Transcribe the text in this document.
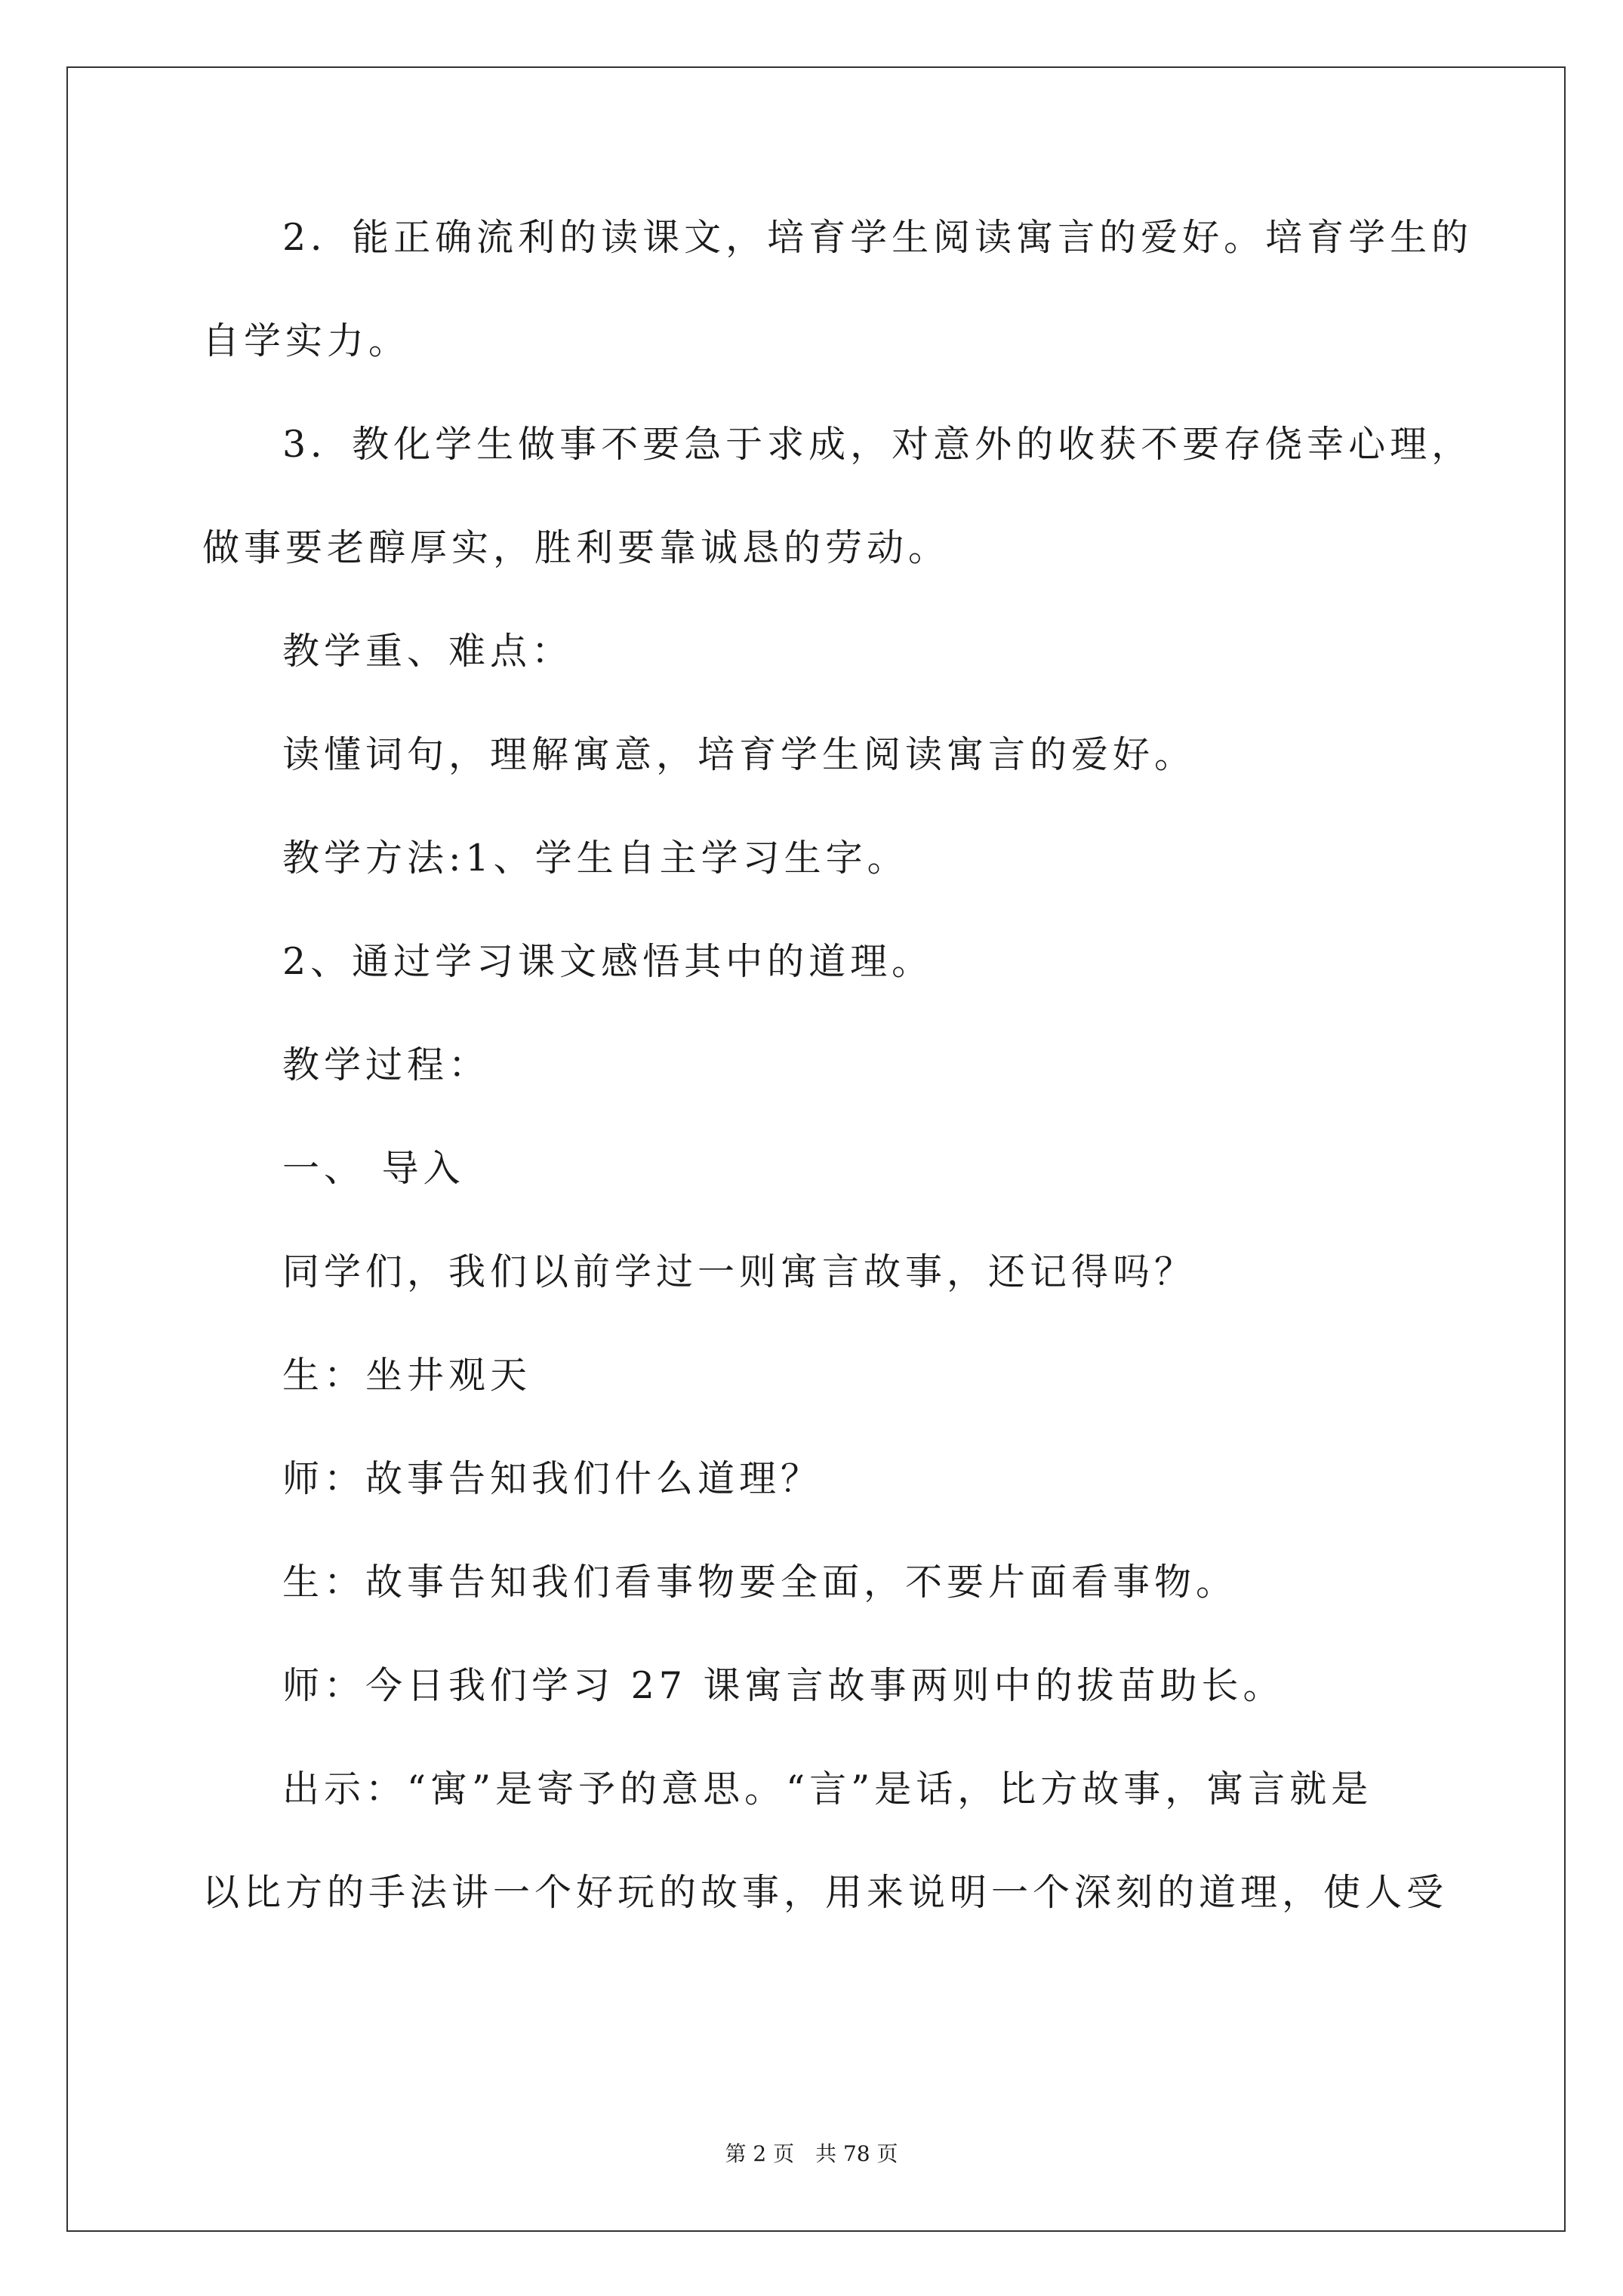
2．能正确流利的读课文，培育学生阅读寓言的爱好。培育学生的

自学实力。

3．教化学生做事不要急于求成，对意外的收获不要存侥幸心理，

做事要老醇厚实，胜利要靠诚恳的劳动。

教学重、难点：

读懂词句，理解寓意，培育学生阅读寓言的爱好。

教学方法:1、学生自主学习生字。

2、通过学习课文感悟其中的道理。

教学过程：

一、 导入

同学们，我们以前学过一则寓言故事，还记得吗？

生：坐井观天

师：故事告知我们什么道理？

生：故事告知我们看事物要全面，不要片面看事物。

师：今日我们学习 27 课寓言故事两则中的拔苗助长。

出示：“寓”是寄予的意思。“言”是话，比方故事，寓言就是

以比方的手法讲一个好玩的故事，用来说明一个深刻的道理，使人受

第 2 页 共 78 页
